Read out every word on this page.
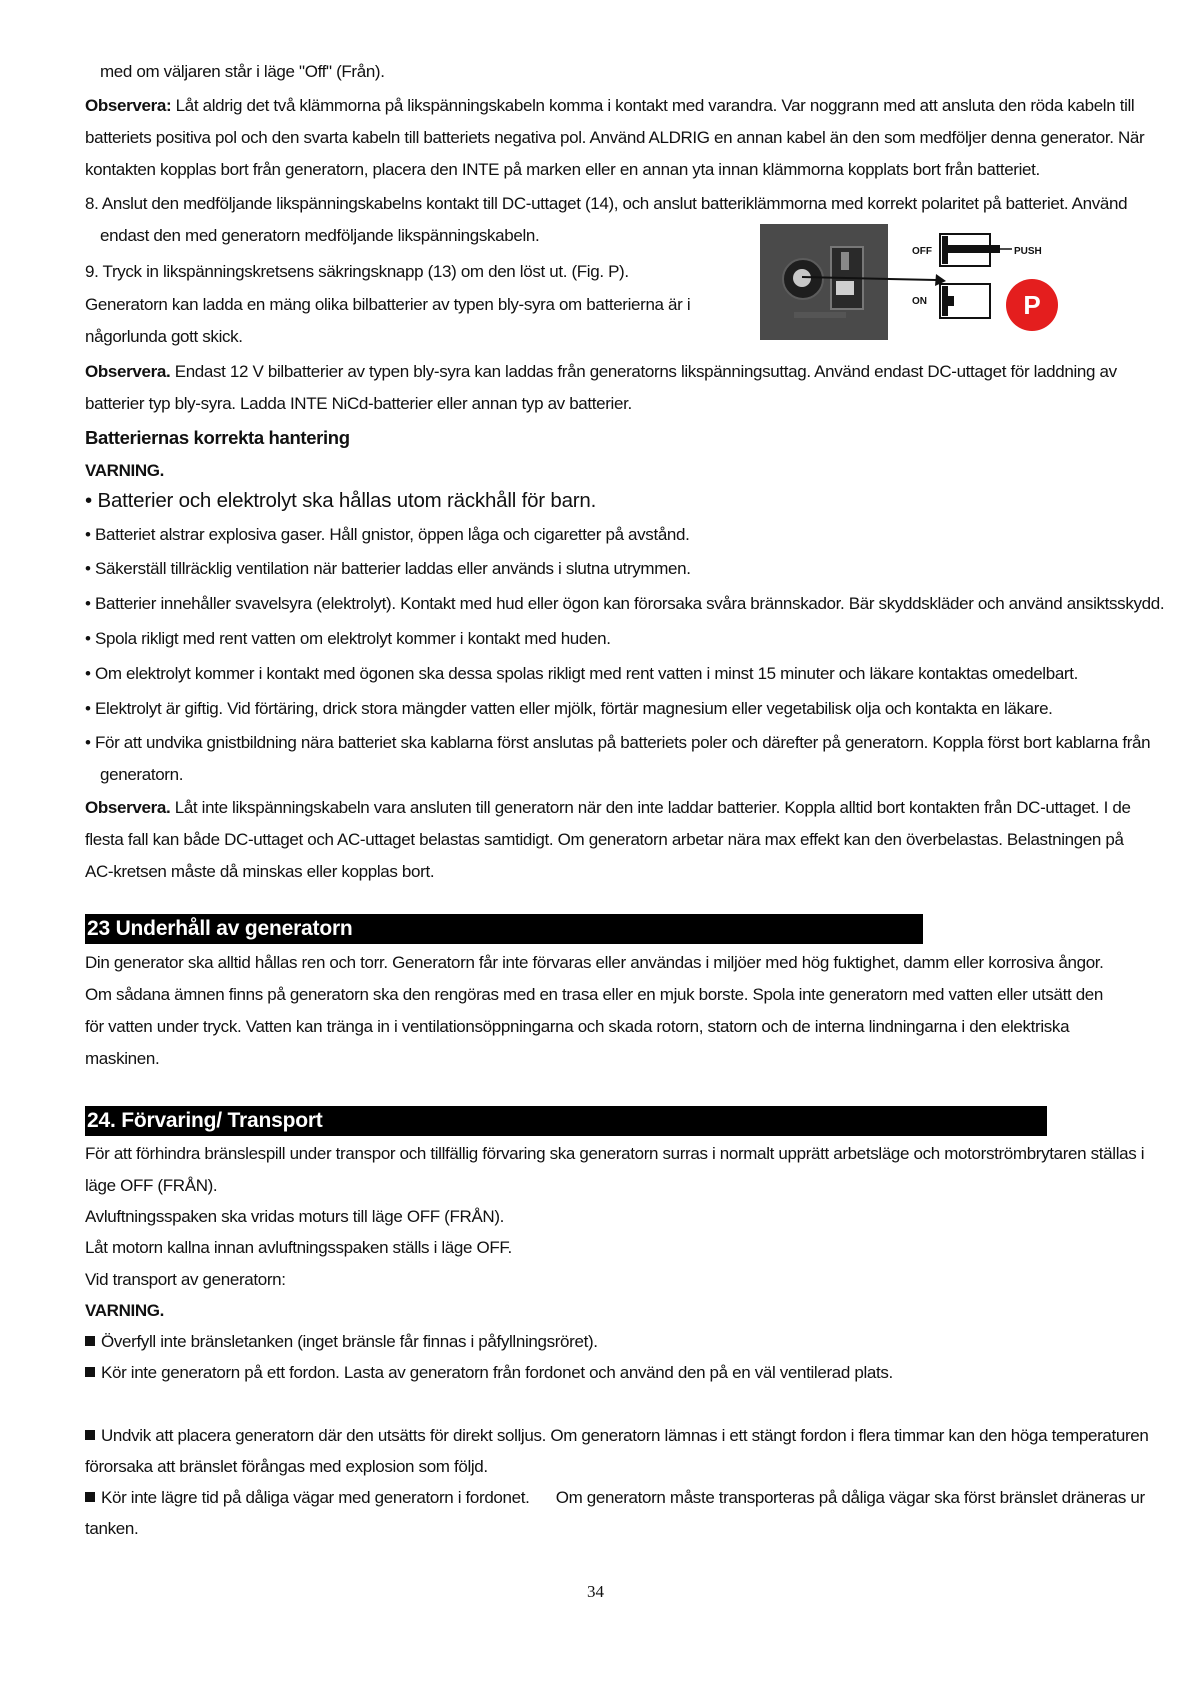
med om väljaren står i läge "Off" (Från).
Observera: Låt aldrig det två klämmorna på likspänningskabeln komma i kontakt med varandra. Var noggrann med att ansluta den röda kabeln till
batteriets positiva pol och den svarta kabeln till batteriets negativa pol. Använd ALDRIG en annan kabel än den som medföljer denna generator. När
kontakten kopplas bort från generatorn, placera den INTE på marken eller en annan yta innan klämmorna kopplats bort från batteriet.
8. Anslut den medföljande likspänningskabelns kontakt till DC-uttaget (14), och anslut batteriklämmorna med korrekt polaritet på batteriet. Använd
endast den med generatorn medföljande likspänningskabeln.
9. Tryck in likspänningskretsens säkringsknapp (13) om den löst ut. (Fig. P).
Generatorn kan ladda en mäng olika bilbatterier av typen bly-syra om batterierna är i
någorlunda gott skick.
OFF
ON
PUSH
P
Observera. Endast 12 V bilbatterier av typen bly-syra kan laddas från generatorns likspänningsuttag. Använd endast DC-uttaget för laddning av
batterier typ bly-syra. Ladda INTE NiCd-batterier eller annan typ av batterier.
Batteriernas korrekta hantering
VARNING.
• Batterier och elektrolyt ska hållas utom räckhåll för barn.
• Batteriet alstrar explosiva gaser. Håll gnistor, öppen låga och cigaretter på avstånd.
• Säkerställ tillräcklig ventilation när batterier laddas eller används i slutna utrymmen.
• Batterier innehåller svavelsyra (elektrolyt). Kontakt med hud eller ögon kan förorsaka svåra brännskador. Bär skyddskläder och använd ansiktsskydd.
• Spola rikligt med rent vatten om elektrolyt kommer i kontakt med huden.
• Om elektrolyt kommer i kontakt med ögonen ska dessa spolas rikligt med rent vatten i minst 15 minuter och läkare kontaktas omedelbart.
• Elektrolyt är giftig. Vid förtäring, drick stora mängder vatten eller mjölk, förtär magnesium eller vegetabilisk olja och kontakta en läkare.
• För att undvika gnistbildning nära batteriet ska kablarna först anslutas på batteriets poler och därefter på generatorn. Koppla först bort kablarna från
generatorn.
Observera. Låt inte likspänningskabeln vara ansluten till generatorn när den inte laddar batterier. Koppla alltid bort kontakten från DC-uttaget. I de
flesta fall kan både DC-uttaget och AC-uttaget belastas samtidigt. Om generatorn arbetar nära max effekt kan den överbelastas. Belastningen på
AC-kretsen måste då minskas eller kopplas bort.
23 Underhåll av generatorn
Din generator ska alltid hållas ren och torr. Generatorn får inte förvaras eller användas i miljöer med hög fuktighet, damm eller korrosiva ångor.
Om sådana ämnen finns på generatorn ska den rengöras med en trasa eller en mjuk borste. Spola inte generatorn med vatten eller utsätt den
för vatten under tryck. Vatten kan tränga in i ventilationsöppningarna och skada rotorn, statorn och de interna lindningarna i den elektriska
maskinen.
24. Förvaring/ Transport
För att förhindra bränslespill under transpor och tillfällig förvaring ska generatorn surras i normalt upprätt arbetsläge och motorströmbrytaren ställas i
läge OFF (FRÅN).
Avluftningsspaken ska vridas moturs till läge OFF (FRÅN).
Låt motorn kallna innan avluftningsspaken ställs i läge OFF.
Vid transport av generatorn:
VARNING.
Överfyll inte bränsletanken (inget bränsle får finnas i påfyllningsröret).
Kör inte generatorn på ett fordon. Lasta av generatorn från fordonet och använd den på en väl ventilerad plats.
Undvik att placera generatorn där den utsätts för direkt solljus. Om generatorn lämnas i ett stängt fordon i flera timmar kan den höga temperaturen
förorsaka att bränslet förångas med explosion som följd.
Kör inte lägre tid på dåliga vägar med generatorn i fordonet.      Om generatorn måste transporteras på dåliga vägar ska först bränslet dräneras ur
tanken.
34
